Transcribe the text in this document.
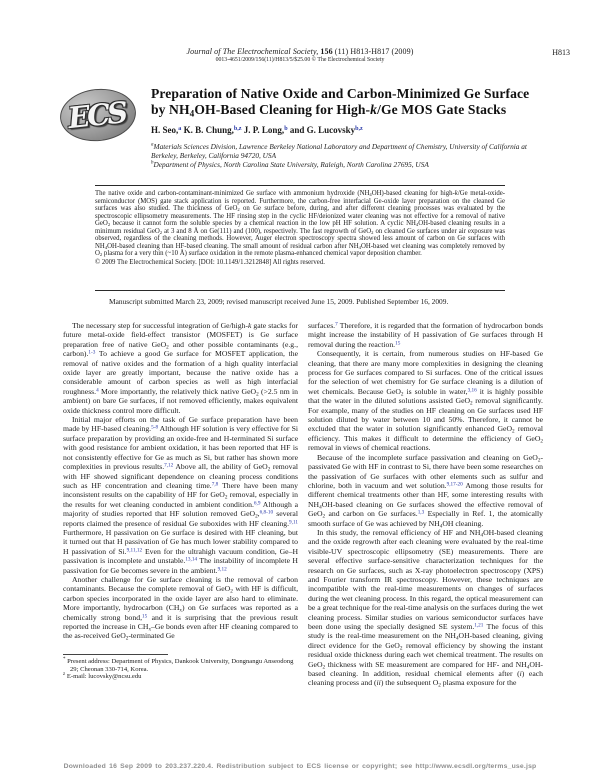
Journal of The Electrochemical Society, 156 (11) H813-H817 (2009)
0013-4651/2009/156(11)/H813/5/$25.00 © The Electrochemical Society
H813
ECS
Preparation of Native Oxide and Carbon-Minimized Ge Surface by $NH_4OH$-Based Cleaning for High-k/Ge MOS Gate Stacks
H. Seo,$^a$ K. B. Chung,$^{b,z}$ J. P. Long,$^b$ and G. Lucovsky$^{b,z}$
$^a$Materials Sciences Division, Lawrence Berkeley National Laboratory and Department of Chemistry, University of California at Berkeley, Berkeley, California 94720, USA
$^b$Department of Physics, North Carolina State University, Raleigh, North Carolina 27695, USA
The native oxide and carbon-contaminant-minimized Ge surface with ammonium hydroxide $(NH_4OH)$-based cleaning for high-k/Ge metal-oxide-semiconductor (MOS) gate stack application is reported. Furthermore, the carbon-free interfacial Ge-oxide layer preparation on the cleaned Ge surfaces was also studied. The thickness of GeO$_2$ on Ge surface before, during, and after different cleaning processes was evaluated by the spectroscopic ellipsometry measurements. The HF rinsing step in the cyclic HF/deionized water cleaning was not effective for a removal of native GeO$_2$ because it cannot form the soluble species by a chemical reaction in the low pH HF solution. A cyclic $NH_4OH$-based cleaning results in a minimum residual GeO$_2$ at 3 and 8 Å on Ge(111) and (100), respectively. The fast regrowth of GeO$_2$ on cleaned Ge surfaces under air exposure was observed, regardless of the cleaning methods. However, Auger electron spectroscopy spectra showed less amount of carbon on Ge surfaces with $NH_4OH$-based cleaning than HF-based cleaning. The small amount of residual carbon after $NH_4OH$-based wet cleaning was completely removed by $O_2$ plasma for a very thin (~10 Å) surface oxidation in the remote plasma-enhanced chemical vapor deposition chamber.
© 2009 The Electrochemical Society. [DOI: 10.1149/1.3212848] All rights reserved.
Manuscript submitted March 23, 2009; revised manuscript received June 15, 2009. Published September 16, 2009.

The necessary step for successful integration of Ge/high-k gate stacks for future metal-oxide field-effect transistor (MOSFET) is Ge surface preparation free of native GeO$_2$ and other possible contaminants (e.g., carbon).$^{1-3}$ To achieve a good Ge surface for MOSFET application, the removal of native oxides and the formation of a high quality interfacial oxide layer are greatly important, because the native oxide has a considerable amount of carbon species as well as high interfacial roughness.$^4$ More importantly, the relatively thick native GeO$_2$ (>2.5 nm in ambient) on bare Ge surfaces, if not removed efficiently, makes equivalent oxide thickness control more difficult.

Initial major efforts on the task of Ge surface preparation have been made by HF-based cleaning.$^{5-8}$ Although HF solution is very effective for Si surface preparation by providing an oxide-free and H-terminated Si surface with good resistance for ambient oxidation, it has been reported that HF is not consistently effective for Ge as much as Si, but rather has shown more complexities in previous results.$^{7,12}$ Above all, the ability of GeO$_2$ removal with HF showed significant dependence on cleaning process conditions such as HF concentration and cleaning time.$^{7,8}$ There have been many inconsistent results on the capability of HF for GeO$_2$ removal, especially in the results for wet cleaning conducted in ambient condition.$^{6,9}$ Although a majority of studies reported that HF solution removed GeO$_2$,$^{6,8-10}$ several reports claimed the presence of residual Ge suboxides with HF cleaning.$^{9,11}$ Furthermore, H passivation on Ge surface is desired with HF cleaning, but it turned out that H passivation of Ge has much lower stability compared to H passivation of Si.$^{9,11,12}$ Even for the ultrahigh vacuum condition, Ge–H passivation is incomplete and unstable.$^{13,14}$ The instability of incomplete H passivation for Ge becomes severe in the ambient.$^{9,12}$

Another challenge for Ge surface cleaning is the removal of carbon contaminants. Because the complete removal of GeO$_2$ with HF is difficult, carbon species incorporated in the oxide layer are also hard to eliminate. More importantly, hydrocarbon $(CH_x)$ on Ge surfaces was reported as a chemically strong bond,$^{15}$ and it is surprising that the previous result reported the increase in $CH_x-Ge$ bonds even after HF cleaning compared to the as-received GeO$_2$-terminated Ge

* Present address: Department of Physics, Dankook University, Dongnangu Anseodong 29; Cheonan 330-714, Korea.
$^z$ E-mail: lucovsky@ncsu.edu

surfaces.$^7$ Therefore, it is regarded that the formation of hydrocarbon bonds might increase the instability of H passivation of Ge surfaces through H removal during the reaction.$^{15}$

Consequently, it is certain, from numerous studies on HF-based Ge cleaning, that there are many more complexities in designing the cleaning process for Ge surfaces compared to Si surfaces. One of the critical issues for the selection of wet chemistry for Ge surface cleaning is a dilution of wet chemicals. Because GeO$_2$ is soluble in water,$^{3,16}$ it is highly possible that the water in the diluted solutions assisted GeO$_2$ removal significantly. For example, many of the studies on HF cleaning on Ge surfaces used HF solution diluted by water between 10 and 50%. Therefore, it cannot be excluded that the water in solution significantly enhanced GeO$_2$ removal efficiency. This makes it difficult to determine the efficiency of GeO$_2$ removal in views of chemical reactions.

Because of the incomplete surface passivation and cleaning on GeO$_2$-passivated Ge with HF in contrast to Si, there have been some researches on the passivation of Ge surfaces with other elements such as sulfur and chlorine, both in vacuum and wet solution.$^{9,17-20}$ Among those results for different chemical treatments other than HF, some interesting results with $NH_4OH$-based cleaning on Ge surfaces showed the effective removal of GeO$_2$ and carbon on Ge surfaces.$^{1,3}$ Especially in Ref. 1, the atomically smooth surface of Ge was achieved by $NH_4OH$ cleaning.

In this study, the removal efficiency of HF and $NH_4OH$-based cleaning and the oxide regrowth after each cleaning were evaluated by the real-time visible-UV spectroscopic ellipsometry (SE) measurements. There are several effective surface-sensitive characterization techniques for the research on Ge surfaces, such as X-ray photoelectron spectroscopy (XPS) and Fourier transform IR spectroscopy. However, these techniques are incompatible with the real-time measurements on changes of surfaces during the wet cleaning process. In this regard, the optical measurement can be a great technique for the real-time analysis on the surfaces during the wet cleaning process. Similar studies on various semiconductor surfaces have been done using the specially designed SE system.$^{1,21}$ The focus of this study is the real-time measurement on the $NH_4OH$-based cleaning, giving direct evidence for the GeO$_2$ removal efficiency by showing the instant residual oxide thickness during each wet chemical treatment. The results on GeO$_2$ thickness with SE measurement are compared for HF- and $NH_4OH$-based cleaning. In addition, residual chemical elements after (i) each cleaning process and (ii) the subsequent $O_2$ plasma exposure for the

Downloaded 16 Sep 2009 to 203.237.220.4. Redistribution subject to ECS license or copyright; see http://www.ecsdl.org/terms_use.jsp
